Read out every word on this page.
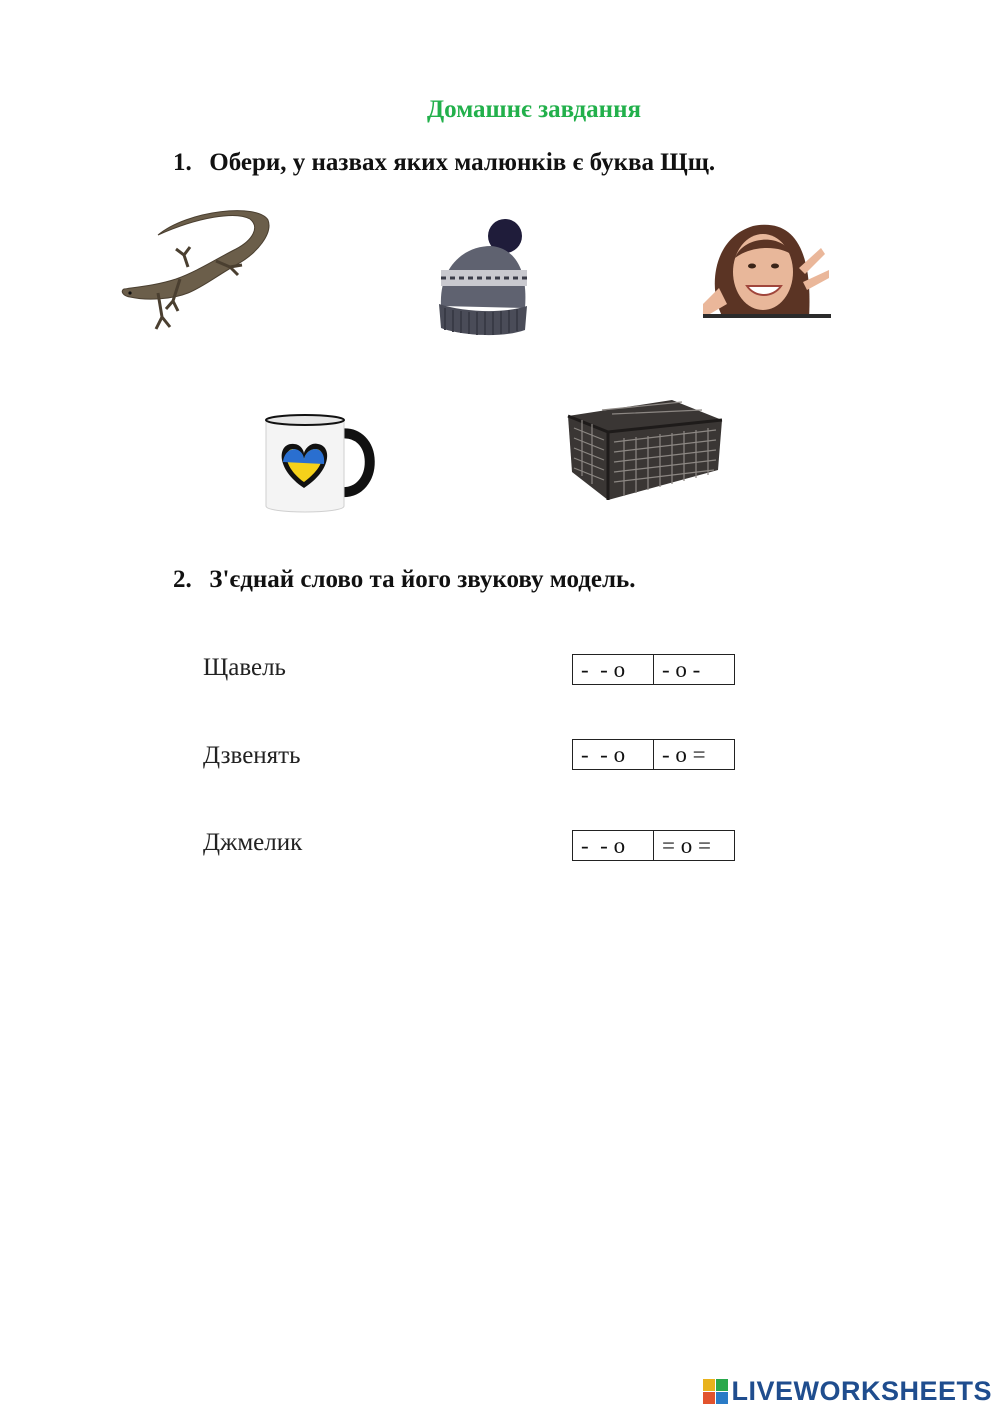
Домашнє завдання
1. Обери, у назвах яких малюнків є буква Щщ.
2. З'єднай слово та його звукову модель.
Щавель
Дзвенять
Джмелик
-  - о	- о -
-  - о	- о =
-  - о	= о =
LIVEWORKSHEETS
